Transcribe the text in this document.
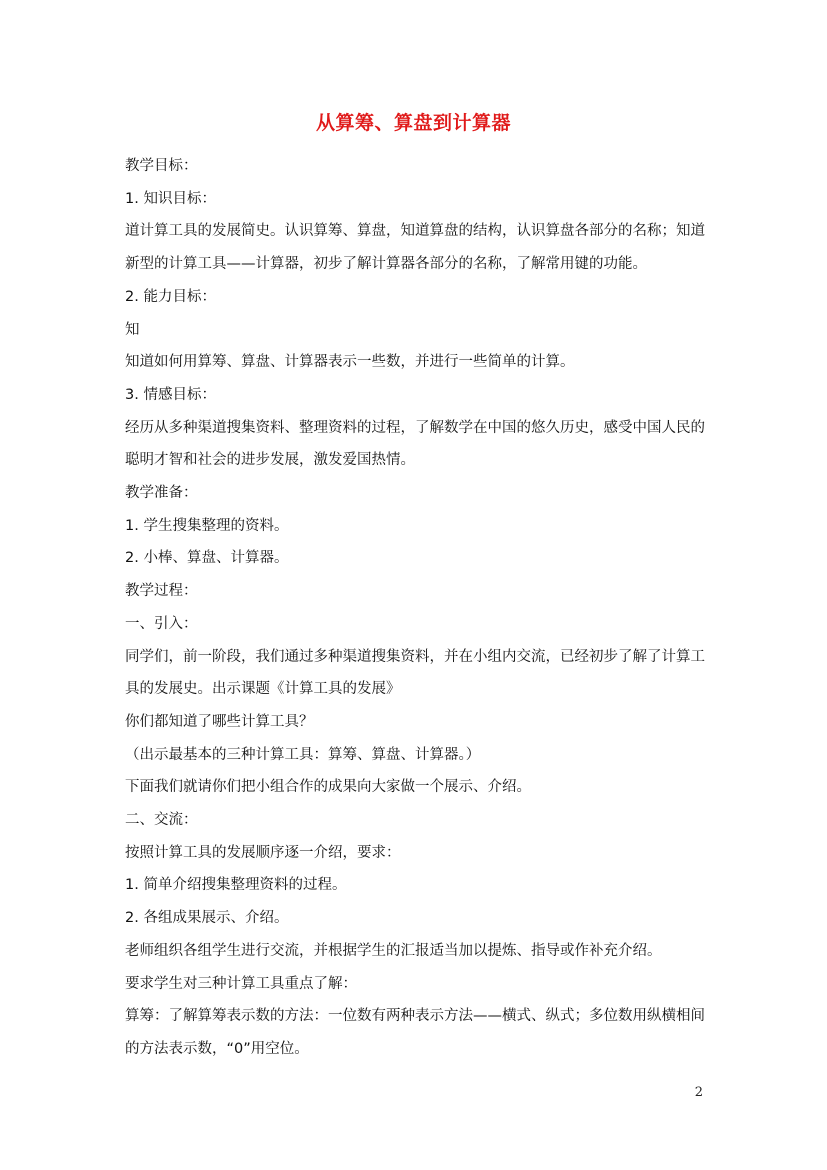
从算筹、算盘到计算器

教学目标：

1. 知识目标：

道计算工具的发展简史。认识算筹、算盘，知道算盘的结构，认识算盘各部分的名称；知道

新型的计算工具——计算器，初步了解计算器各部分的名称，了解常用键的功能。

2. 能力目标：

知

知道如何用算筹、算盘、计算器表示一些数，并进行一些简单的计算。

3. 情感目标：

经历从多种渠道搜集资料、整理资料的过程，了解数学在中国的悠久历史，感受中国人民的

聪明才智和社会的进步发展，激发爱国热情。

教学准备：

1. 学生搜集整理的资料。

2. 小棒、算盘、计算器。

教学过程：

一、引入：

同学们，前一阶段，我们通过多种渠道搜集资料，并在小组内交流，已经初步了解了计算工

具的发展史。出示课题《计算工具的发展》

你们都知道了哪些计算工具？

（出示最基本的三种计算工具：算筹、算盘、计算器。）

下面我们就请你们把小组合作的成果向大家做一个展示、介绍。

二、交流：

按照计算工具的发展顺序逐一介绍，要求：

1. 简单介绍搜集整理资料的过程。

2. 各组成果展示、介绍。

老师组织各组学生进行交流，并根据学生的汇报适当加以提炼、指导或作补充介绍。

要求学生对三种计算工具重点了解：

算筹：了解算筹表示数的方法：一位数有两种表示方法——横式、纵式；多位数用纵横相间

的方法表示数，“0”用空位。

2
